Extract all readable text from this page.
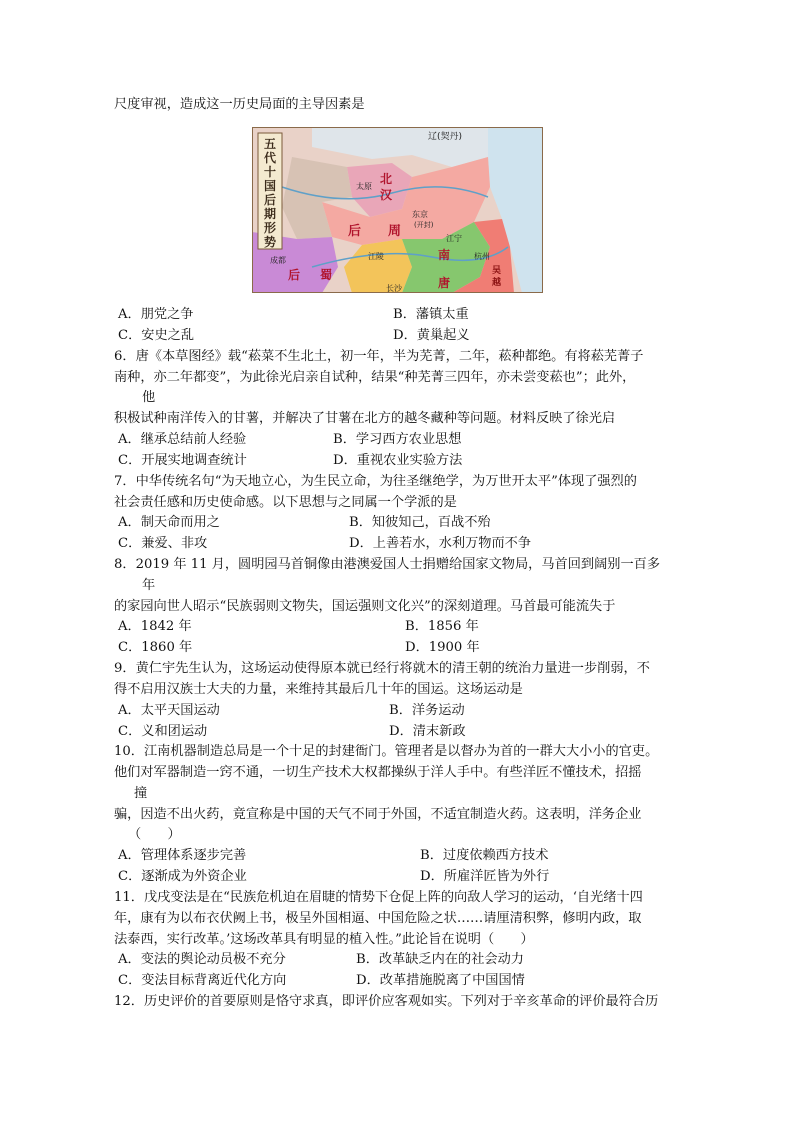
尺度审视，造成这一历史局面的主导因素是
五
代
十
国
后
期
形
势
辽(契丹)
北
汉
太原
后 周
东京
(开封)
成都
后 蜀
南
唐
江陵
江宁
杭州
吴
越
长沙
A．朋党之争	B．藩镇太重
C．安史之乱	D．黄巢起义
6．唐《本草图经》载“菘菜不生北土，初一年，半为芜菁，二年，菘种都绝。有将菘芜菁子
南种，亦二年都变”，为此徐光启亲自试种，结果“种芜菁三四年，亦未尝变菘也”；此外，
他
积极试种南洋传入的甘薯，并解决了甘薯在北方的越冬藏种等问题。材料反映了徐光启
A．继承总结前人经验	B．学习西方农业思想
C．开展实地调查统计	D．重视农业实验方法
7．中华传统名句“为天地立心，为生民立命，为往圣继绝学，为万世开太平”体现了强烈的
社会责任感和历史使命感。以下思想与之同属一个学派的是
A．制天命而用之	B．知彼知己，百战不殆
C．兼爱、非攻	D．上善若水，水利万物而不争
8．2019 年 11 月，圆明园马首铜像由港澳爱国人士捐赠给国家文物局，马首回到阔别一百多
年
的家园向世人昭示“民族弱则文物失，国运强则文化兴”的深刻道理。马首最可能流失于
A．1842 年	B．1856 年
C．1860 年	D．1900 年
9．黄仁宇先生认为，这场运动使得原本就已经行将就木的清王朝的统治力量进一步削弱，不
得不启用汉族士大夫的力量，来维持其最后几十年的国运。这场运动是
A．太平天国运动	B．洋务运动
C．义和团运动	D．清末新政
10．江南机器制造总局是一个十足的封建衙门。管理者是以督办为首的一群大大小小的官吏。
他们对军器制造一窍不通，一切生产技术大权都操纵于洋人手中。有些洋匠不懂技术，招摇
撞
骗，因造不出火药，竟宣称是中国的天气不同于外国，不适宜制造火药。这表明，洋务企业
（　　）
A．管理体系逐步完善	B．过度依赖西方技术
C．逐渐成为外资企业	D．所雇洋匠皆为外行
11．戊戌变法是在“民族危机迫在眉睫的情势下仓促上阵的向敌人学习的运动，‘自光绪十四
年，康有为以布衣伏阙上书，极呈外国相逼、中国危险之状……请厘清积弊，修明内政，取
法泰西，实行改革。’这场改革具有明显的植入性。”此论旨在说明（　　）
A．变法的舆论动员极不充分	B．改革缺乏内在的社会动力
C．变法目标背离近代化方向	D．改革措施脱离了中国国情
12．历史评价的首要原则是恪守求真，即评价应客观如实。下列对于辛亥革命的评价最符合历
